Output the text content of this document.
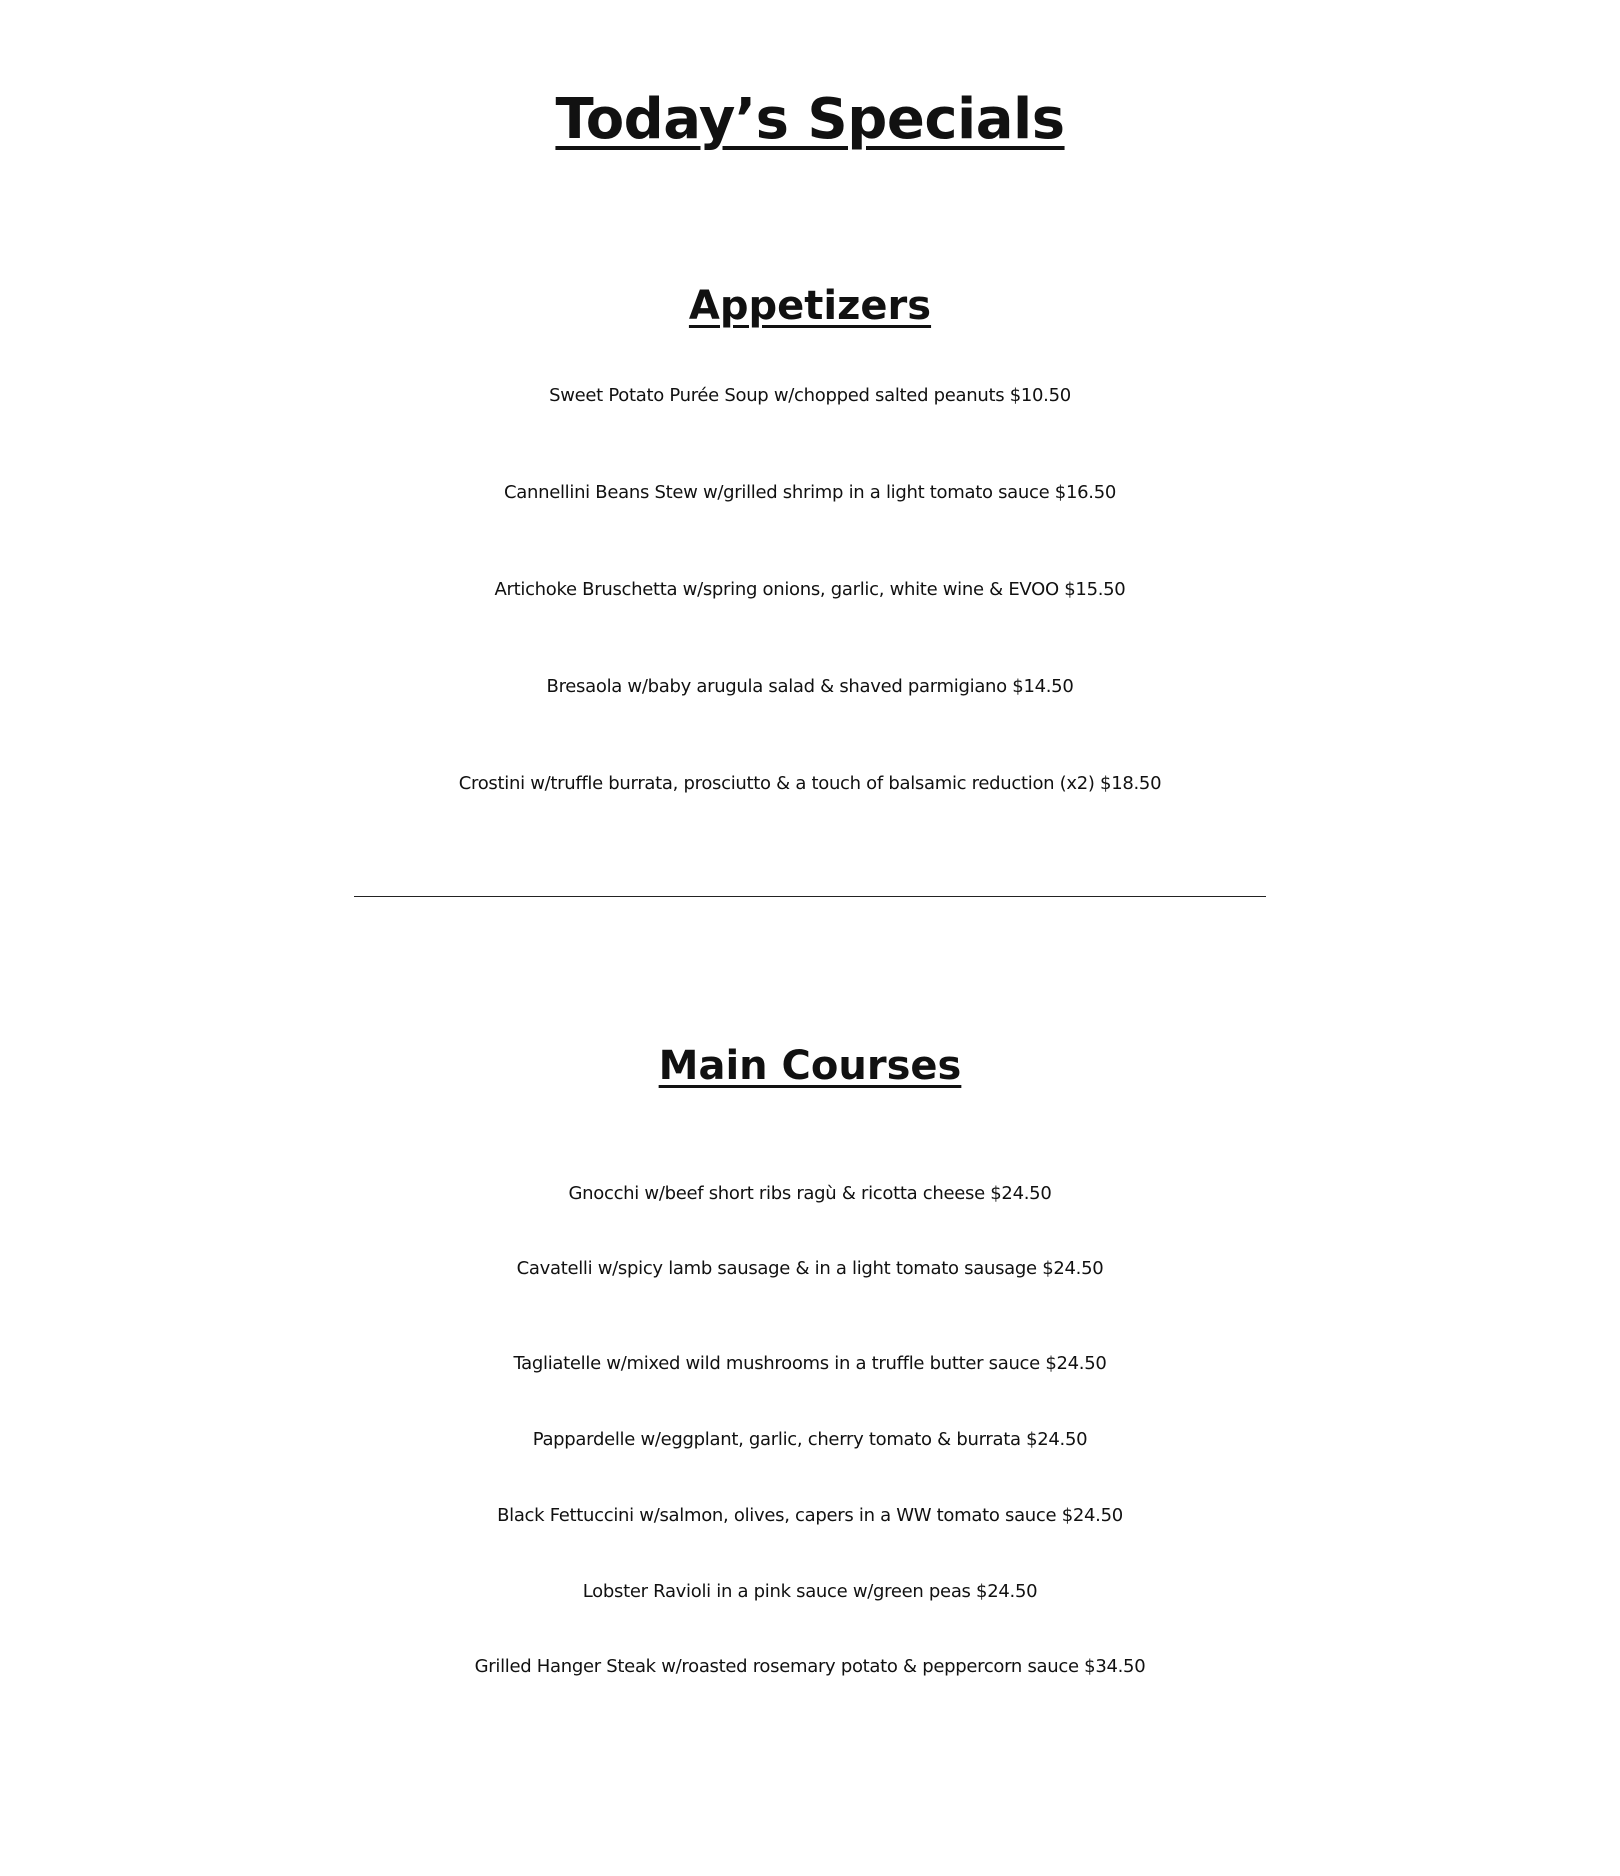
Today’s Specials
Appetizers
Sweet Potato Purée Soup w/chopped salted peanuts $10.50
Cannellini Beans Stew w/grilled shrimp in a light tomato sauce $16.50
Artichoke Bruschetta w/spring onions, garlic, white wine & EVOO $15.50
Bresaola w/baby arugula salad & shaved parmigiano $14.50
Crostini w/truffle burrata, prosciutto & a touch of balsamic reduction (x2) $18.50
Main Courses
Gnocchi w/beef short ribs ragù & ricotta cheese $24.50
Cavatelli w/spicy lamb sausage & in a light tomato sausage $24.50
Tagliatelle w/mixed wild mushrooms in a truffle butter sauce $24.50
Pappardelle w/eggplant, garlic, cherry tomato & burrata $24.50
Black Fettuccini w/salmon, olives, capers in a WW tomato sauce $24.50
Lobster Ravioli in a pink sauce w/green peas $24.50
Grilled Hanger Steak w/roasted rosemary potato & peppercorn sauce $34.50
